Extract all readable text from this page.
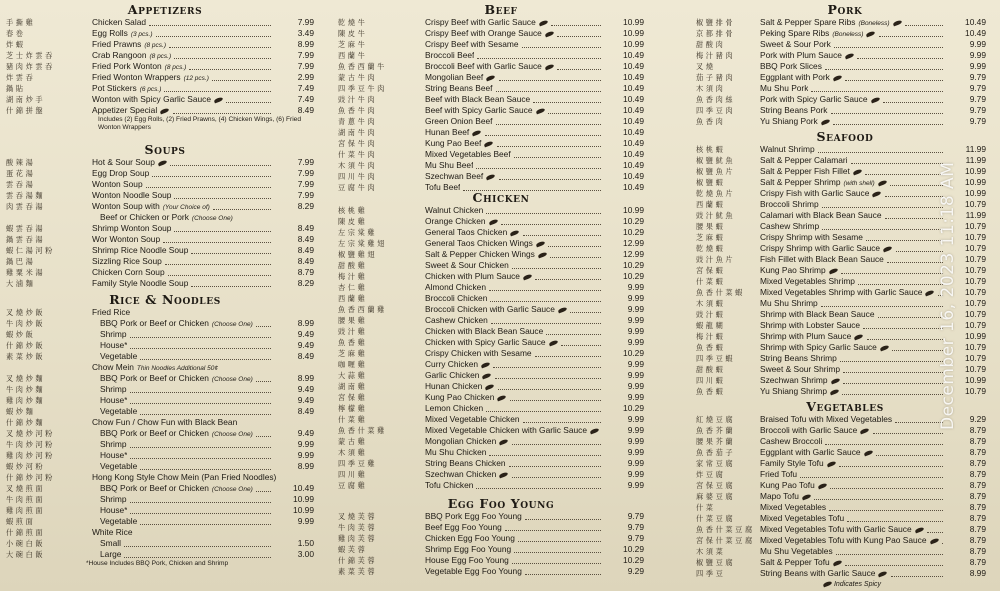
Appetizers
手撕雞	Chicken Salad	7.99
春卷	Egg Rolls (3 pcs.)	3.49
炸蝦	Fried Prawns (8 pcs.)	8.99
芝士炸雲吞	Crab Rangoon (8 pcs.)	7.99
豬肉炸雲吞	Fried Pork Wonton (8 pcs.)	7.99
炸雲吞	Fried Wonton Wrappers (12 pcs.)	2.99
鍋貼	Pot Stickers (6 pcs.)	7.49
湖南炒手	Wonton with Spicy Garlic Sauce	7.49
什錦拼盤	Appetizer Special	8.49
Includes (2) Egg Rolls, (2) Fried Prawns, (4) Chicken Wings, (6) Fried Wonton Wrappers
Soups
酸辣湯	Hot & Sour Soup	7.99
蛋花湯	Egg Drop Soup	7.99
雲吞湯	Wonton Soup	7.99
雲吞湯麵	Wonton Noodle Soup	7.99
肉雲吞湯	Wonton Soup with (Your Choice of)	8.29
Beef or Chicken or Pork (Choose One)
蝦雲吞湯	Shrimp Wonton Soup	8.49
鍋雲吞湯	Wor Wonton Soup	8.49
蝦仁湯河粉	Shrimp Rice Noodle Soup	8.49
鍋巴湯	Sizzling Rice Soup	8.49
雞粟米湯	Chicken Corn Soup	8.79
大滷麵	Family Style Noodle Soup	8.29
Rice & Noodles
叉燒炒飯	Fried Rice
牛肉炒飯	BBQ Pork or Beef or Chicken (Choose One)	8.99
蝦炒飯	Shrimp	9.49
什錦炒飯	House*	9.49
素菜炒飯	Vegetable	8.49
Chow Mein Thin Noodles Additional 50¢
叉燒炒麵	BBQ Pork or Beef or Chicken (Choose One)	8.99
牛肉炒麵	Shrimp	9.49
雞肉炒麵	House*	9.49
蝦炒麵	Vegetable	8.49
什錦炒麵	Chow Fun / Chow Fun with Black Bean
叉燒炒河粉	BBQ Pork or Beef or Chicken (Choose One)	9.49
牛肉炒河粉	Shrimp	9.99
雞肉炒河粉	House*	9.99
蝦炒河粉	Vegetable	8.99
什錦炒河粉	Hong Kong Style Chow Mein (Pan Fried Noodles)
叉燒煎面	BBQ Pork or Beef or Chicken (Choose One)	10.49
牛肉煎面	Shrimp	10.99
雞肉煎面	House*	10.99
蝦煎面	Vegetable	9.99
什錦煎面	White Rice
小碗白飯	Small	1.50
大碗白飯	Large	3.00
*House Includes BBQ Pork, Chicken and Shrimp
Beef
乾燒牛	Crispy Beef with Garlic Sauce	10.99
陳皮牛	Crispy Beef with Orange Sauce	10.99
芝麻牛	Crispy Beef with Sesame	10.99
西蘭牛	Broccoli Beef	10.49
魚香西蘭牛	Broccoli Beef with Garlic Sauce	10.49
蒙古牛肉	Mongolian Beef	10.49
四季豆牛肉	String Beans Beef	10.49
豉汁牛肉	Beef with Black Bean Sauce	10.49
魚香牛肉	Beef with Spicy Garlic Sauce	10.49
青蔥牛肉	Green Onion Beef	10.49
湖南牛肉	Hunan Beef	10.49
宮保牛肉	Kung Pao Beef	10.49
什菜牛肉	Mixed Vegetables Beef	10.49
木須牛肉	Mu Shu Beef	10.49
四川牛肉	Szechwan Beef	10.49
豆腐牛肉	Tofu Beef	10.49
Chicken
核桃雞	Walnut Chicken	10.99
陳皮雞	Orange Chicken	10.29
左宗棠雞	General Taos Chicken	10.29
左宗棠雞翅	General Taos Chicken Wings	12.99
椒鹽雞翅	Salt & Pepper Chicken Wings	12.99
甜酸雞	Sweet & Sour Chicken	10.29
梅汁雞	Chicken with Plum Sauce	10.29
杏仁雞	Almond Chicken	9.99
西蘭雞	Broccoli Chicken	9.99
魚香西蘭雞	Broccoli Chicken with Garlic Sauce	9.99
腰果雞	Cashew Chicken	9.99
豉汁雞	Chicken with Black Bean Sauce	9.99
魚香雞	Chicken with Spicy Garlic Sauce	9.99
芝麻雞	Crispy Chicken with Sesame	10.29
咖喱雞	Curry Chicken	9.99
大蒜雞	Garlic Chicken	9.99
湖南雞	Hunan Chicken	9.99
宮保雞	Kung Pao Chicken	9.99
檸檬雞	Lemon Chicken	10.29
什菜雞	Mixed Vegetable Chicken	9.99
魚香什菜雞	Mixed Vegetable Chicken with Garlic Sauce	9.99
蒙古雞	Mongolian Chicken	9.99
木須雞	Mu Shu Chicken	9.99
四季豆雞	String Beans Chicken	9.99
四川雞	Szechwan Chicken	9.99
豆腐雞	Tofu Chicken	9.99
Egg Foo Young
叉燒芙蓉	BBQ Pork Egg Foo Young	9.79
牛肉芙蓉	Beef Egg Foo Young	9.79
雞肉芙蓉	Chicken Egg Foo Young	9.79
蝦芙蓉	Shrimp Egg Foo Young	10.29
什錦芙蓉	House Egg Foo Young	10.29
素菜芙蓉	Vegetable Egg Foo Young	9.29
Pork
椒鹽排骨	Salt & Pepper Spare Ribs (Boneless)	10.49
京都排骨	Peking Spare Ribs (Boneless)	10.49
甜酸肉	Sweet & Sour Pork	9.99
梅汁豬肉	Pork with Plum Sauce	9.99
叉燒	BBQ Pork Slices	9.99
茄子豬肉	Eggplant with Pork	9.79
木須肉	Mu Shu Pork	9.79
魚香肉絲	Pork with Spicy Garlic Sauce	9.79
四季豆肉	String Beans Pork	9.79
魚香肉	Yu Shiang Pork	9.79
Seafood
核桃蝦	Walnut Shrimp	11.99
椒鹽魷魚	Salt & Pepper Calamari	11.99
椒鹽魚片	Salt & Pepper Fish Fillet	10.99
椒鹽蝦	Salt & Pepper Shrimp (with shell)	10.99
乾燒魚片	Crispy Fish with Garlic Sauce	10.99
西蘭蝦	Broccoli Shrimp	10.79
豉汁魷魚	Calamari with Black Bean Sauce	11.99
腰果蝦	Cashew Shrimp	10.79
芝麻蝦	Crispy Shrimp with Sesame	10.79
乾燒蝦	Crispy Shrimp with Garlic Sauce	10.79
豉汁魚片	Fish Fillet with Black Bean Sauce	10.79
宮保蝦	Kung Pao Shrimp	10.79
什菜蝦	Mixed Vegetables Shrimp	10.79
魚香什菜蝦	Mixed Vegetables Shrimp with Garlic Sauce	10.79
木須蝦	Mu Shu Shrimp	10.79
豉汁蝦	Shrimp with Black Bean Sauce	10.79
蝦龍糊	Shrimp with Lobster Sauce	10.79
梅汁蝦	Shrimp with Plum Sauce	10.99
魚香蝦	Shrimp with Spicy Garlic Sauce	10.79
四季豆蝦	String Beans Shrimp	10.79
甜酸蝦	Sweet & Sour Shrimp	10.79
四川蝦	Szechwan Shrimp	10.99
魚香蝦	Yu Shiang Shrimp	10.79
Vegetables
紅燒豆腐	Braised Tofu with Mixed Vegetables	9.29
魚香芥蘭	Broccoli with Garlic Sauce	8.79
腰果芥蘭	Cashew Broccoli	8.79
魚香茄子	Eggplant with Garlic Sauce	8.79
家常豆腐	Family Style Tofu	8.79
炸豆腐	Fried Tofu	8.79
宮保豆腐	Kung Pao Tofu	8.79
麻婆豆腐	Mapo Tofu	8.79
什菜	Mixed Vegetables	8.79
什菜豆腐	Mixed Vegetables Tofu	8.79
魚香什菜豆腐 Mixed Vegetables Tofu with Garlic Sauce	8.79
宮保什菜豆腐 Mixed Vegetables Tofu with Kung Pao Sauce	8.79
木須菜	Mu Shu Vegetables	8.79
椒鹽豆腐	Salt & Pepper Tofu	8.79
四季豆	String Beans with Garlic Sauce	8.99
Indicates Spicy
December 16, 2023 11:18 AM
